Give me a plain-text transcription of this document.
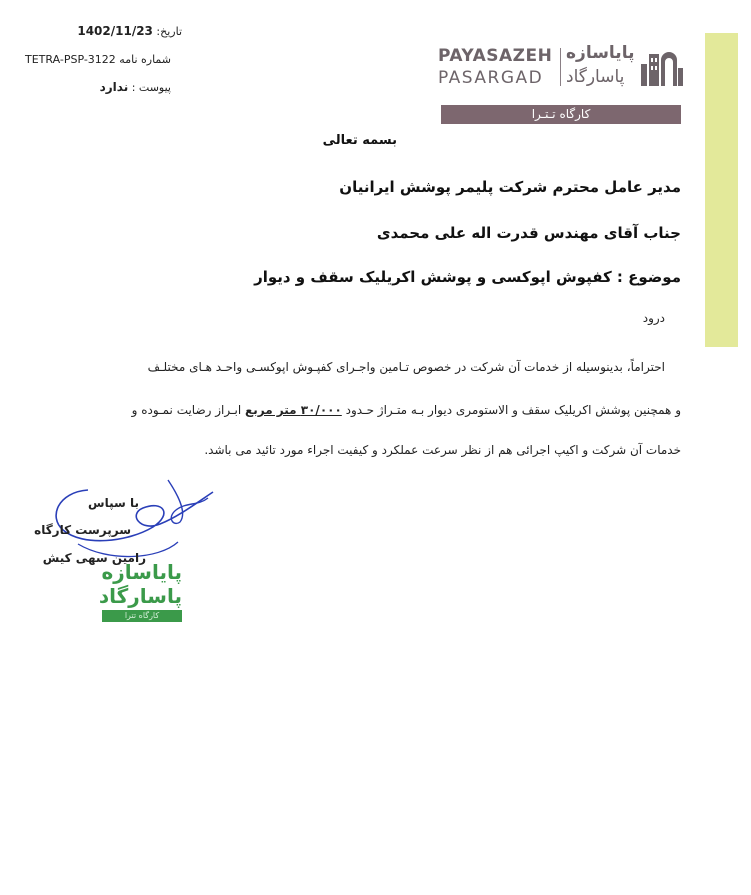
تاریخ: 1402/11/23
شماره نامه TETRA-PSP-3122
پیوست : ندارد
PAYASAZEH
PASARGAD
پایاسازه
پاسارگاد
کارگاه تـتـرا
بسمه تعالی
مدیر عامل محترم شرکت پلیمر پوشش ایرانیان
جناب آقای مهندس قدرت اله علی محمدی
موضوع : کفپوش اپوکسی و پوشش اکریلیک سقف و دیوار
درود
احتراماً، بدینوسیله از خدمات آن شرکت در خصوص تـامین واجـرای کفپـوش اپوکسـی واحـد هـای مختلـف
و همچنین پوشش اکریلیک سقف و الاستومری دیوار بـه متـراژ حـدود ۳۰/۰۰۰ متر مربع ابـراز رضایت نمـوده و
خدمات آن شرکت و اکیپ اجرائی هم از نظر سرعت عملکرد و کیفیت اجراء مورد تائید می باشد.
با سپاس
سرپرست کارگاه
رامین سهی کیش
پایاسازه
پاسارگاد
کارگاه تترا
